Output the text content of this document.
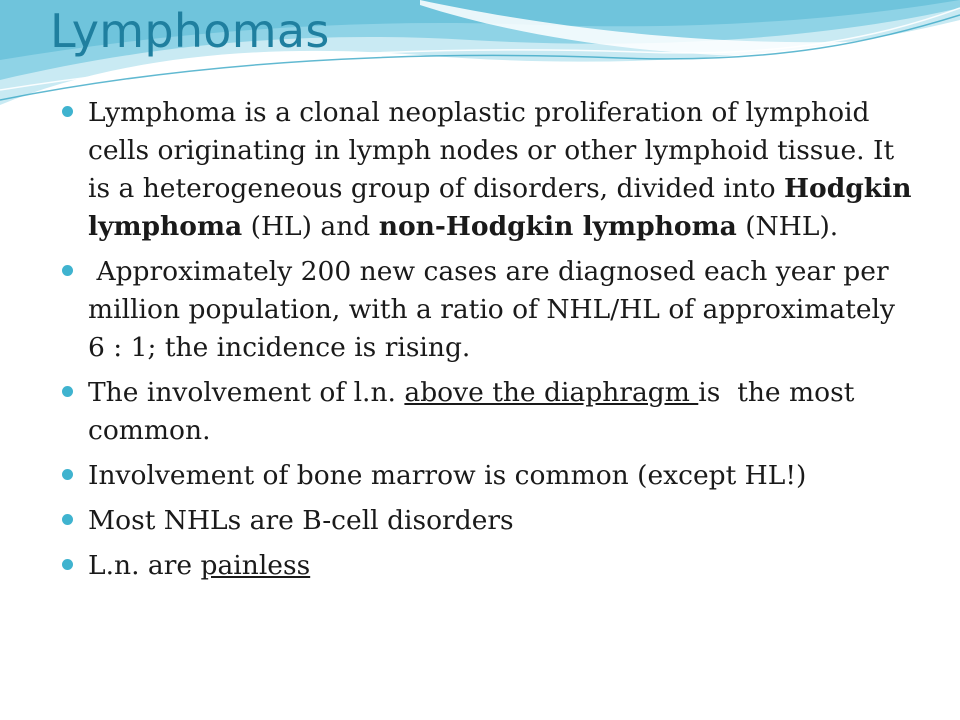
Lymphomas
Lymphoma is a clonal neoplastic proliferation of lymphoid cells originating in lymph nodes or other lymphoid tissue. It is a heterogeneous group of disorders, divided into Hodgkin lymphoma (HL) and non-Hodgkin lymphoma (NHL).
Approximately 200 new cases are diagnosed each year per million population, with a ratio of NHL/HL of approximately 6 : 1; the incidence is rising.
The involvement of l.n. above the diaphragm is  the most common.
Involvement of bone marrow is common (except HL!)
Most NHLs are B-cell disorders
L.n. are painless
